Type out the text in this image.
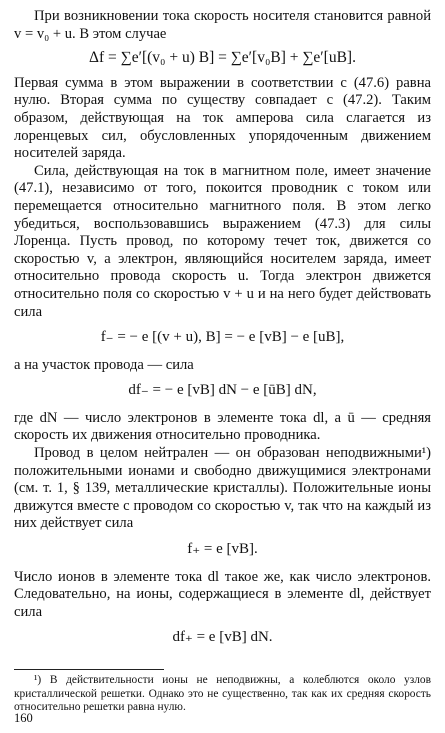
При возникновении тока скорость носителя становится равной v = v₀ + u. В этом случае

Δf = ∑e′[(v₀ + u) B] = ∑e′[v₀B] + ∑e′[uB].

Первая сумма в этом выражении в соответствии с (47.6) равна нулю. Вторая сумма по существу совпадает с (47.2). Таким образом, действующая на ток амперова сила слагается из лоренцевых сил, обусловленных упорядоченным движением носителей заряда.

Сила, действующая на ток в магнитном поле, имеет значение (47.1), независимо от того, покоится проводник с током или перемещается относительно магнитного поля. В этом легко убедиться, воспользовавшись выражением (47.3) для силы Лоренца. Пусть провод, по которому течет ток, движется со скоростью v, а электрон, являющийся носителем заряда, имеет относительно провода скорость u. Тогда электрон движется относительно поля со скоростью v + u и на него будет действовать сила

f₋ = − e [(v + u), B] = − e [vB] − e [uB],

а на участок провода — сила

df₋ = − e [vB] dN − e [ūB] dN,

где dN — число электронов в элементе тока dl, а ū — средняя скорость их движения относительно проводника.

Провод в целом нейтрален — он образован неподвижными¹) положительными ионами и свободно движущимися электронами (см. т. 1, § 139, металлические кристаллы). Положительные ионы движутся вместе с проводом со скоростью v, так что на каждый из них действует сила

f₊ = e [vB].

Число ионов в элементе тока dl такое же, как число электронов. Следовательно, на ионы, содержащиеся в элементе dl, действует сила

df₊ = e [vB] dN.

¹) В действительности ионы не неподвижны, а колеблются около узлов кристаллической решетки. Однако это не существенно, так как их средняя скорость относительно решетки равна нулю.

160
